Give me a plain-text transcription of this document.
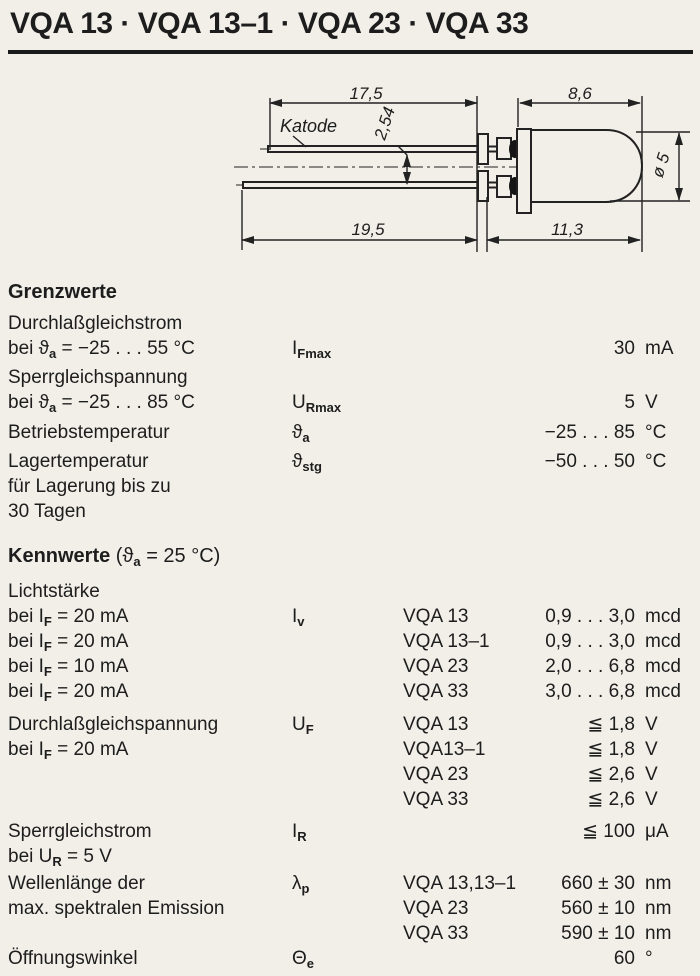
VQA 13 · VQA 13–1 · VQA 23 · VQA 33
17,5	8,6
19,5	11,3
ø 5
2,54
Katode
Grenzwerte
Durchlaßgleichstrom
bei $ϑ_a = -25$ . . . 55 °C	$I_{Fmax}$	30 mA
Sperrgleichspannung
bei $ϑ_a = -25$ . . . 85 °C	$U_{Rmax}$	5 V
Betriebstemperatur	$ϑ_a$	−25 . . . 85 °C
Lagertemperatur	$ϑ_{stg}$	−50 . . . 50 °C
für Lagerung bis zu
30 Tagen
Kennwerte ($ϑ_a = 25$ °C)
Lichtstärke
bei $I_F = 20$ mA	$I_v$	VQA 13	0,9 . . . 3,0 mcd
bei $I_F = 20$ mA	VQA 13–1	0,9 . . . 3,0 mcd
bei $I_F = 10$ mA	VQA 23	2,0 . . . 6,8 mcd
bei $I_F = 20$ mA	VQA 33	3,0 . . . 6,8 mcd
Durchlaßgleichspannung	$U_F$	VQA 13	≦ 1,8 V
bei $I_F = 20$ mA	VQA13–1	≦ 1,8 V
VQA 23	≦ 2,6 V
VQA 33	≦ 2,6 V
Sperrgleichstrom	$I_R$	≦ 100 μA
bei $U_R = 5$ V
Wellenlänge der	$\lambda_p$	VQA 13,13–1	660 ± 30 nm
max. spektralen Emission	VQA 23	560 ± 10 nm
VQA 33	590 ± 10 nm
Öffnungswinkel	$\Theta_e$	60 °
